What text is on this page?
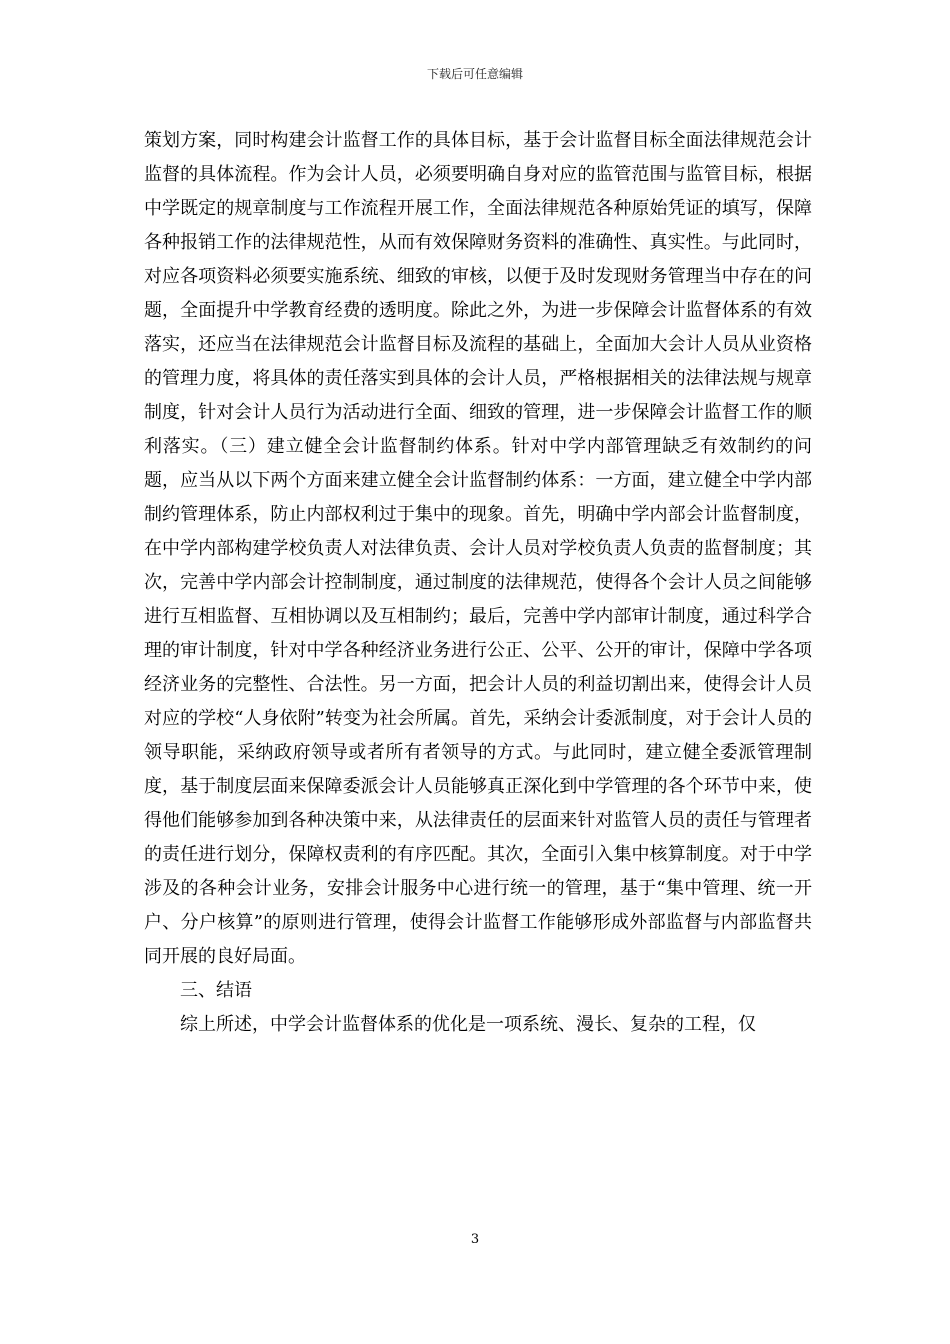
下载后可任意编辑

策划方案，同时构建会计监督工作的具体目标，基于会计监督目标全面法律规范会计监督的具体流程。作为会计人员，必须要明确自身对应的监管范围与监管目标，根据中学既定的规章制度与工作流程开展工作，全面法律规范各种原始凭证的填写，保障各种报销工作的法律规范性，从而有效保障财务资料的准确性、真实性。与此同时，对应各项资料必须要实施系统、细致的审核，以便于及时发现财务管理当中存在的问题，全面提升中学教育经费的透明度。除此之外，为进一步保障会计监督体系的有效落实，还应当在法律规范会计监督目标及流程的基础上，全面加大会计人员从业资格的管理力度，将具体的责任落实到具体的会计人员，严格根据相关的法律法规与规章制度，针对会计人员行为活动进行全面、细致的管理，进一步保障会计监督工作的顺利落实。（三）建立健全会计监督制约体系。针对中学内部管理缺乏有效制约的问题，应当从以下两个方面来建立健全会计监督制约体系：一方面，建立健全中学内部制约管理体系，防止内部权利过于集中的现象。首先，明确中学内部会计监督制度，在中学内部构建学校负责人对法律负责、会计人员对学校负责人负责的监督制度；其次，完善中学内部会计控制制度，通过制度的法律规范，使得各个会计人员之间能够进行互相监督、互相协调以及互相制约；最后，完善中学内部审计制度，通过科学合理的审计制度，针对中学各种经济业务进行公正、公平、公开的审计，保障中学各项经济业务的完整性、合法性。另一方面，把会计人员的利益切割出来，使得会计人员对应的学校“人身依附”转变为社会所属。首先，采纳会计委派制度，对于会计人员的领导职能，采纳政府领导或者所有者领导的方式。与此同时，建立健全委派管理制度，基于制度层面来保障委派会计人员能够真正深化到中学管理的各个环节中来，使得他们能够参加到各种决策中来，从法律责任的层面来针对监管人员的责任与管理者的责任进行划分，保障权责利的有序匹配。其次，全面引入集中核算制度。对于中学涉及的各种会计业务，安排会计服务中心进行统一的管理，基于“集中管理、统一开户、分户核算”的原则进行管理，使得会计监督工作能够形成外部监督与内部监督共同开展的良好局面。

三、结语

综上所述，中学会计监督体系的优化是一项系统、漫长、复杂的工程，仅

3
